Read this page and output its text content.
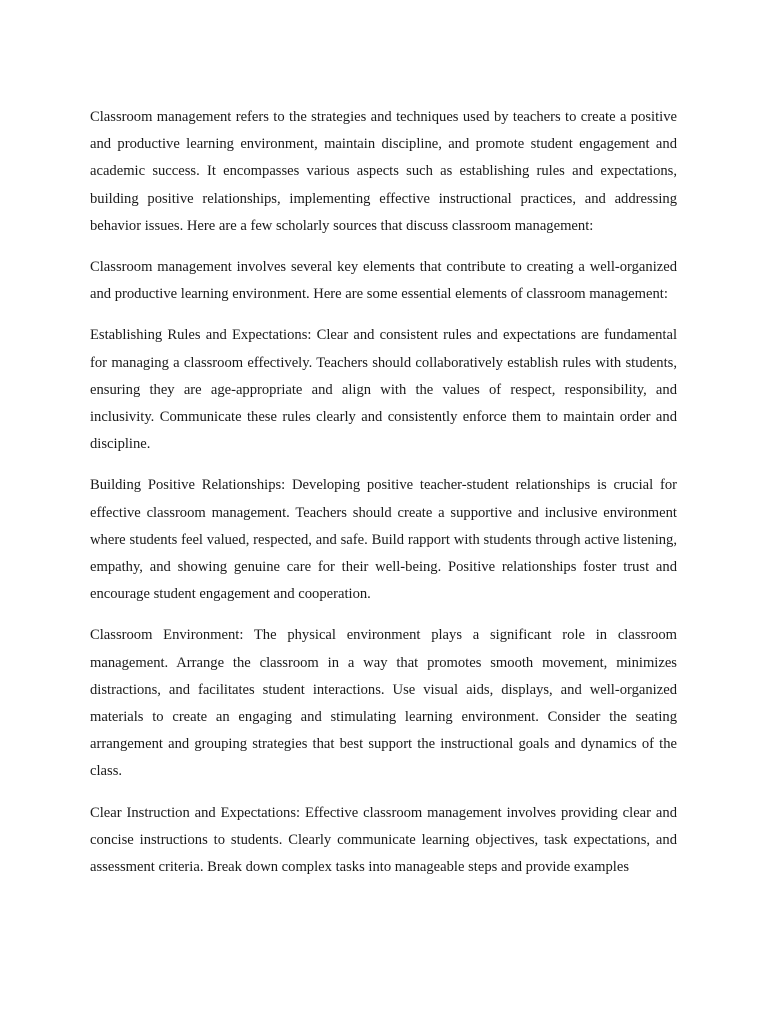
Classroom management refers to the strategies and techniques used by teachers to create a positive and productive learning environment, maintain discipline, and promote student engagement and academic success. It encompasses various aspects such as establishing rules and expectations, building positive relationships, implementing effective instructional practices, and addressing behavior issues. Here are a few scholarly sources that discuss classroom management:

Classroom management involves several key elements that contribute to creating a well-organized and productive learning environment. Here are some essential elements of classroom management:

Establishing Rules and Expectations: Clear and consistent rules and expectations are fundamental for managing a classroom effectively. Teachers should collaboratively establish rules with students, ensuring they are age-appropriate and align with the values of respect, responsibility, and inclusivity. Communicate these rules clearly and consistently enforce them to maintain order and discipline.

Building Positive Relationships: Developing positive teacher-student relationships is crucial for effective classroom management. Teachers should create a supportive and inclusive environment where students feel valued, respected, and safe. Build rapport with students through active listening, empathy, and showing genuine care for their well-being. Positive relationships foster trust and encourage student engagement and cooperation.

Classroom Environment: The physical environment plays a significant role in classroom management. Arrange the classroom in a way that promotes smooth movement, minimizes distractions, and facilitates student interactions. Use visual aids, displays, and well-organized materials to create an engaging and stimulating learning environment. Consider the seating arrangement and grouping strategies that best support the instructional goals and dynamics of the class.

Clear Instruction and Expectations: Effective classroom management involves providing clear and concise instructions to students. Clearly communicate learning objectives, task expectations, and assessment criteria. Break down complex tasks into manageable steps and provide examples
